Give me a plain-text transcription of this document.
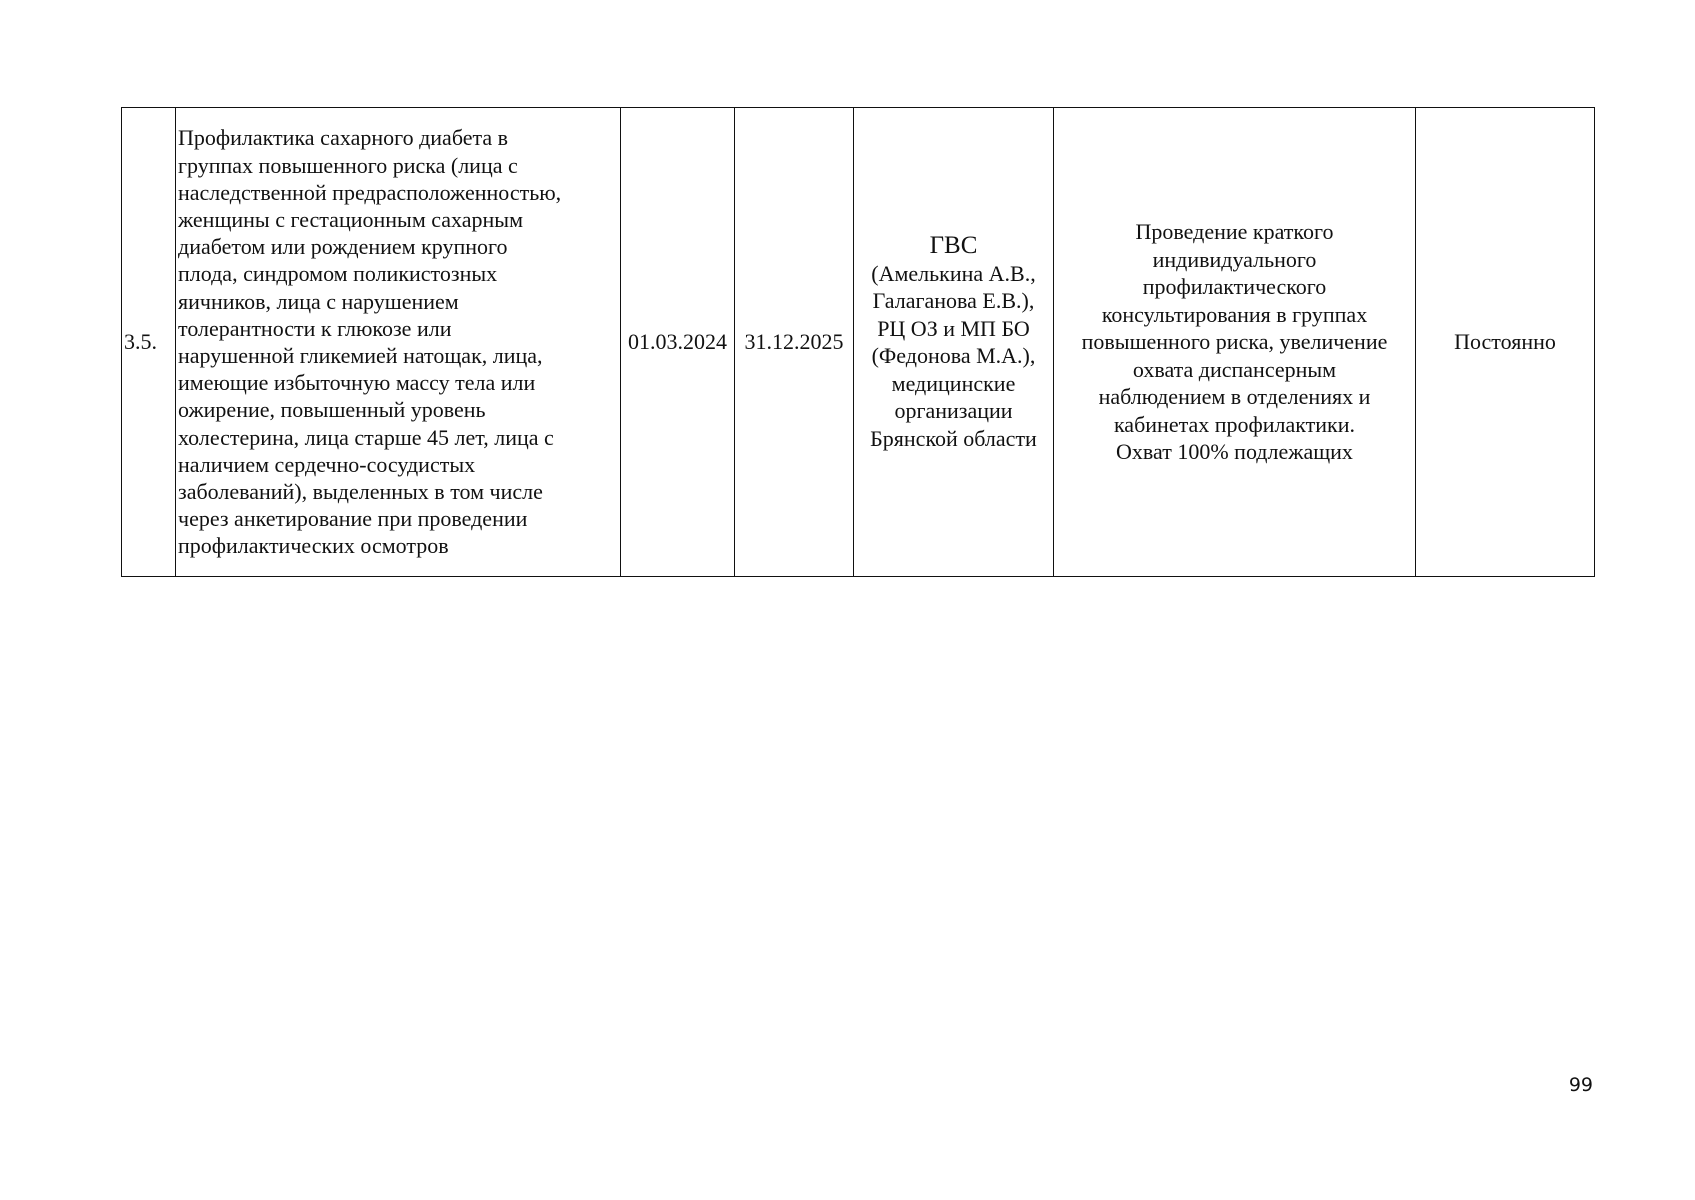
3.5.	Профилактика сахарного диабета в
группах повышенного риска (лица с
наследственной предрасположенностью,
женщины с гестационным сахарным
диабетом или рождением крупного
плода, синдромом поликистозных
яичников, лица с нарушением
толерантности к глюкозе или
нарушенной гликемией натощак, лица,
имеющие избыточную массу тела или
ожирение, повышенный уровень
холестерина, лица старше 45 лет, лица с
наличием сердечно-сосудистых
заболеваний), выделенных в том числе
через анкетирование при проведении
профилактических осмотров	01.03.2024	31.12.2025	ГВС
(Амелькина А.В.,
Галаганова Е.В.),
РЦ ОЗ и МП БО
(Федонова М.А.),
медицинские
организации
Брянской области	Проведение краткого
индивидуального
профилактического
консультирования в группах
повышенного риска, увеличение
охвата диспансерным
наблюдением в отделениях и
кабинетах профилактики.
Охват 100% подлежащих	Постоянно
99
